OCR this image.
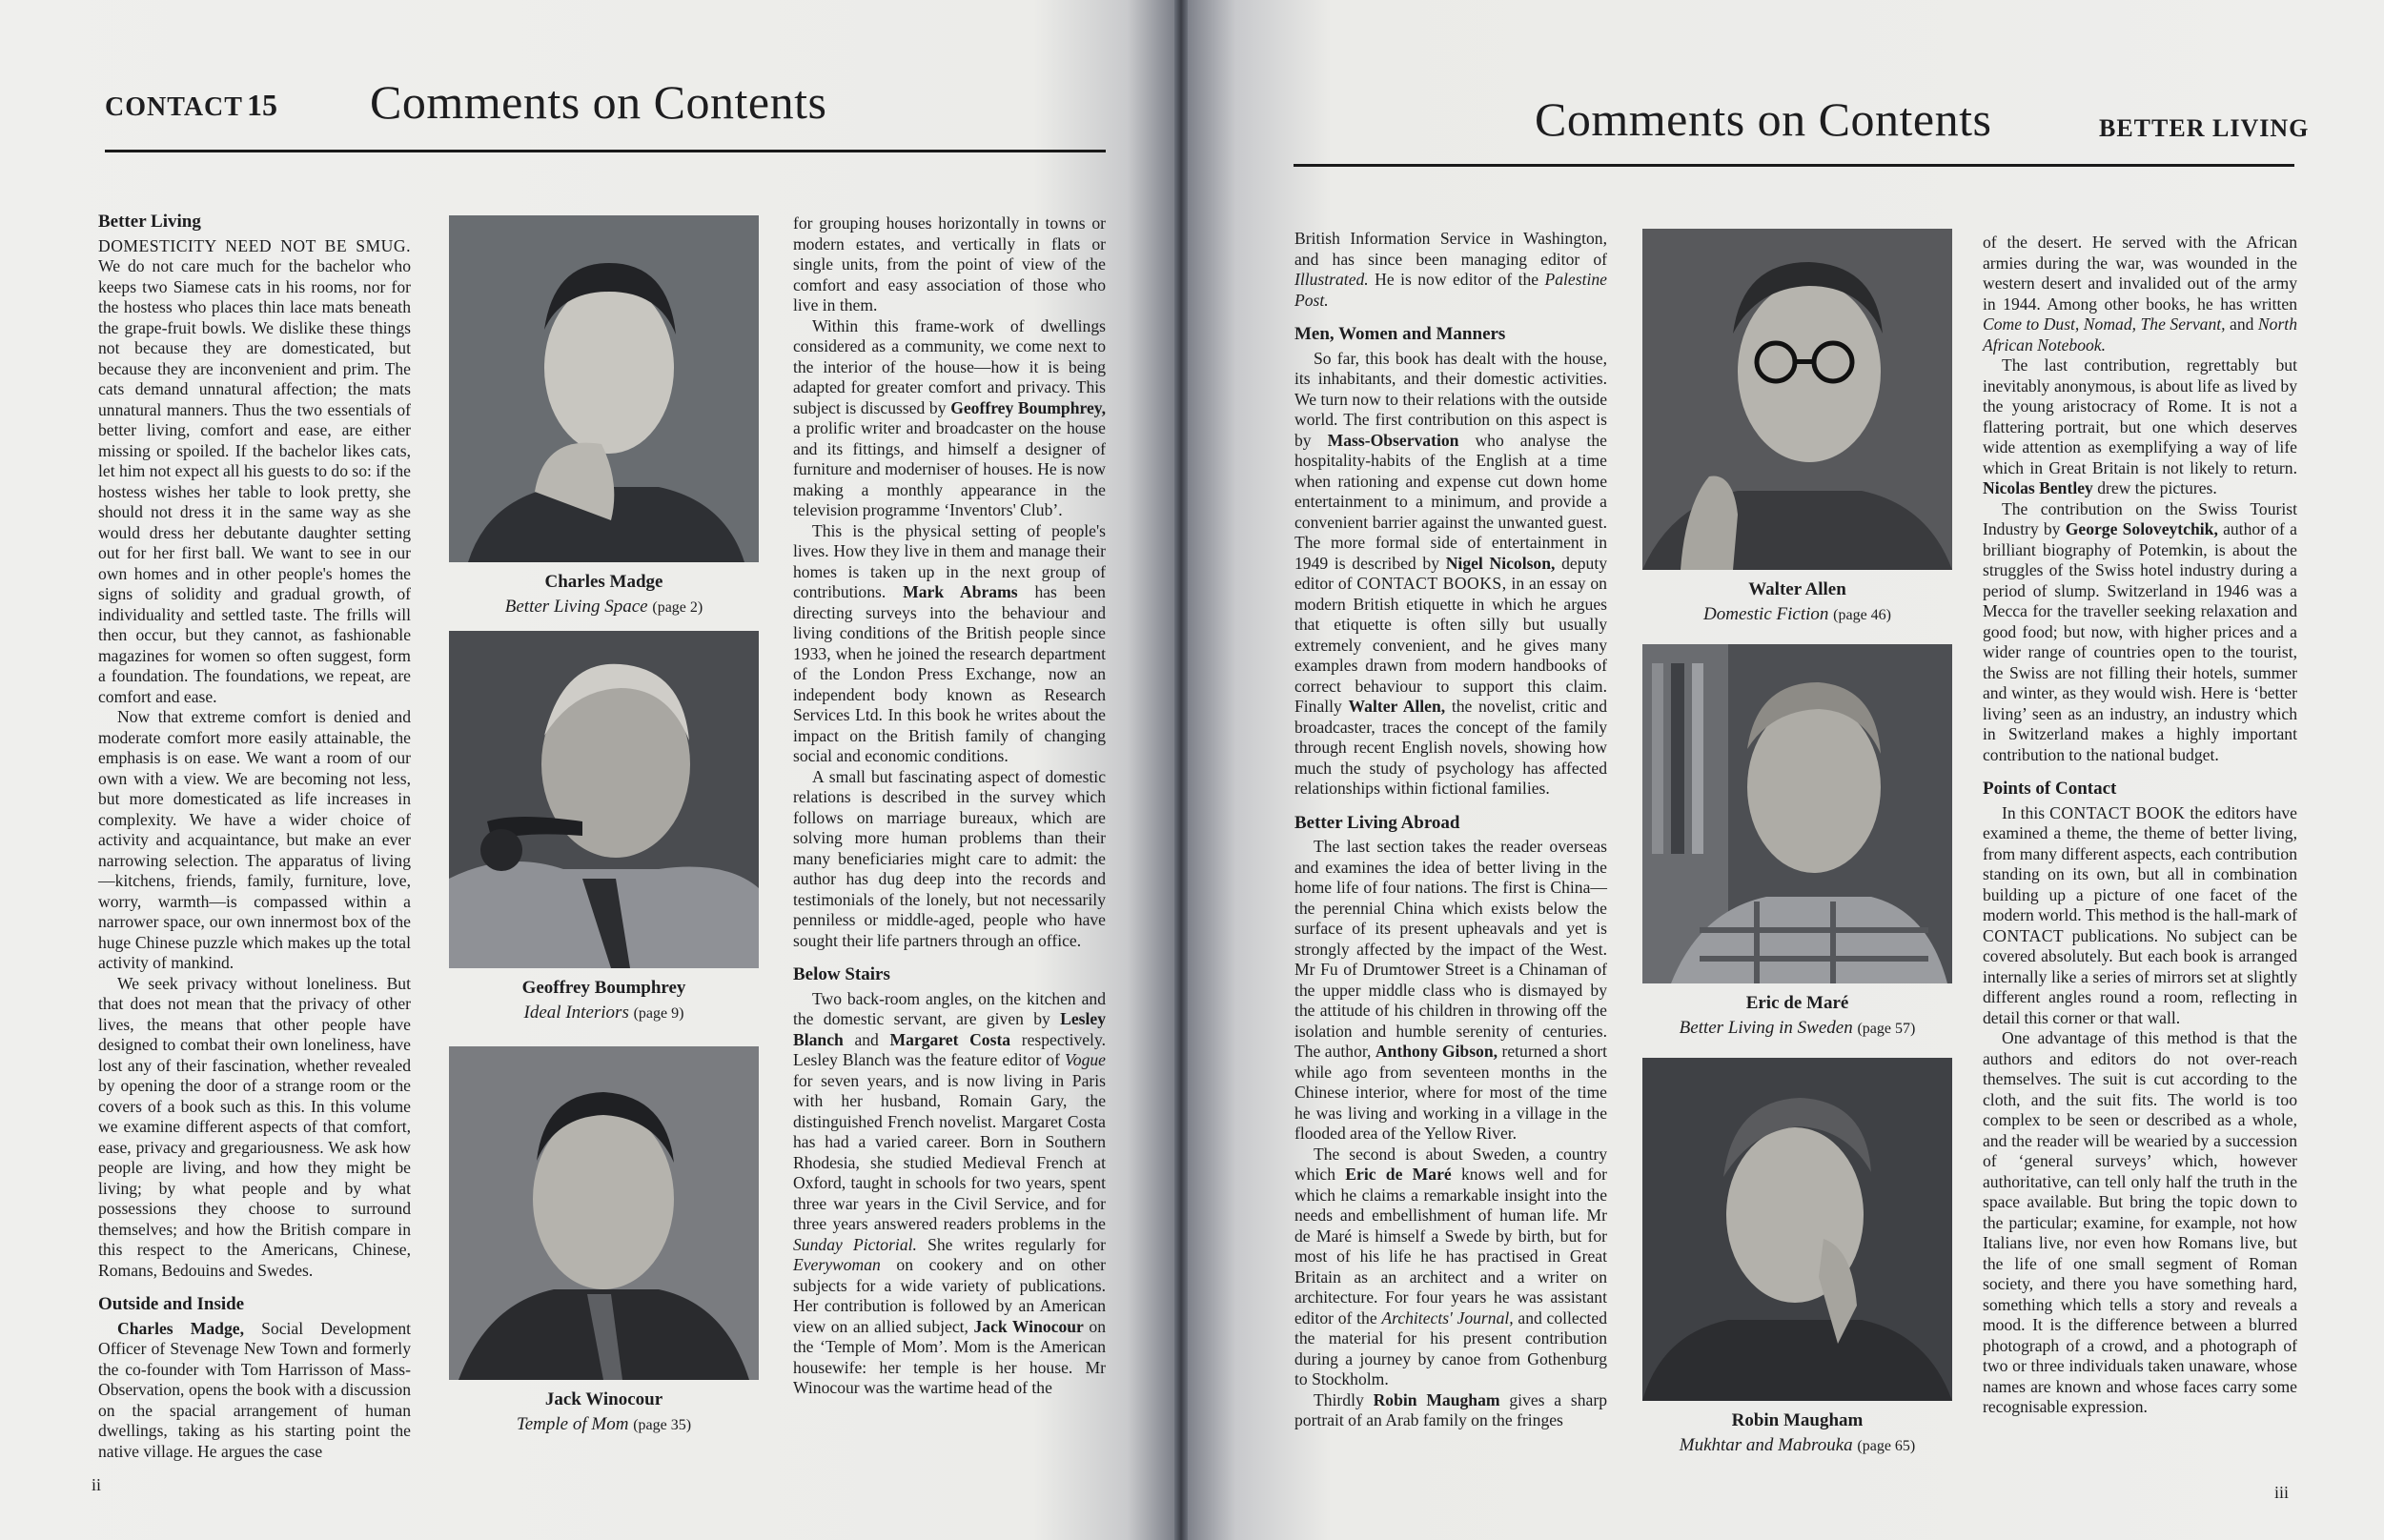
CONTACT 15 Comments on Contents
Better Living

DOMESTICITY NEED NOT BE SMUG. We do not care much for the bachelor who keeps two Siamese cats in his rooms, nor for the hostess who places thin lace mats beneath the grape-fruit bowls. We dislike these things not because they are domesticated, but because they are inconvenient and prim. The cats demand unnatural affection; the mats unnatural manners. Thus the two essentials of better living, comfort and ease, are either missing or spoiled. If the bachelor likes cats, let him not expect all his guests to do so: if the hostess wishes her table to look pretty, she should not dress it in the same way as she would dress her debutante daughter setting out for her first ball. We want to see in our own homes and in other people's homes the signs of solidity and gradual growth, of individuality and settled taste. The frills will then occur, but they cannot, as fashionable magazines for women so often suggest, form a foundation. The foundations, we repeat, are comfort and ease.

Now that extreme comfort is denied and moderate comfort more easily attainable, the emphasis is on ease. We want a room of our own with a view. We are becoming not less, but more domesticated as life increases in complexity. We have a wider choice of activity and acquaintance, but make an ever narrowing selection. The apparatus of living—kitchens, friends, family, furniture, love, worry, warmth—is compassed within a narrower space, our own innermost box of the huge Chinese puzzle which makes up the total activity of mankind.

We seek privacy without loneliness. But that does not mean that the privacy of other lives, the means that other people have designed to combat their own loneliness, have lost any of their fascination, whether revealed by opening the door of a strange room or the covers of a book such as this. In this volume we examine different aspects of that comfort, ease, privacy and gregariousness. We ask how people are living, and how they might be living; by what people and by what possessions they choose to surround themselves; and how the British compare in this respect to the Americans, Chinese, Romans, Bedouins and Swedes.

Outside and Inside

Charles Madge, Social Development Officer of Stevenage New Town and formerly the co-founder with Tom Harrisson of Mass-Observation, opens the book with a discussion on the spacial arrangement of human dwellings, taking as his starting point the native village. He argues the case

Charles Madge
Better Living Space (page 2)
Geoffrey Boumphrey
Ideal Interiors (page 9)
Jack Winocour
Temple of Mom (page 35)

for grouping houses horizontally in towns or modern estates, and vertically in flats or single units, from the point of view of the comfort and easy association of those who live in them.

Within this frame-work of dwellings considered as a community, we come next to the interior of the house—how it is being adapted for greater comfort and privacy. This subject is discussed by Geoffrey Boumphrey, a prolific writer and broadcaster on the house and its fittings, and himself a designer of furniture and moderniser of houses. He is now making a monthly appearance in the television programme ‘Inventors' Club’.

This is the physical setting of people's lives. How they live in them and manage their homes is taken up in the next group of contributions. Mark Abrams has been directing surveys into the behaviour and living conditions of the British people since 1933, when he joined the research department of the London Press Exchange, now an independent body known as Research Services Ltd. In this book he writes about the impact on the British family of changing social and economic conditions.

A small but fascinating aspect of domestic relations is described in the survey which follows on marriage bureaux, which are solving more human problems than their many beneficiaries might care to admit: the author has dug deep into the records and testimonials of the lonely, but not necessarily penniless or middle-aged, people who have sought their life partners through an office.

Below Stairs

Two back-room angles, on the kitchen and the domestic servant, are given by Lesley Blanch and Margaret Costa respectively. Lesley Blanch was the feature editor of Vogue for seven years, and is now living in Paris with her husband, Romain Gary, the distinguished French novelist. Margaret Costa has had a varied career. Born in Southern Rhodesia, she studied Medieval French at Oxford, taught in schools for two years, spent three war years in the Civil Service, and for three years answered readers problems in the Sunday Pictorial. She writes regularly for Everywoman on cookery and on other subjects for a wide variety of publications. Her contribution is followed by an American view on an allied subject, Jack Winocour on the ‘Temple of Mom’. Mom is the American housewife: her temple is her house. Mr Winocour was the wartime head of the

ii
Comments on Contents	BETTER LIVING

British Information Service in Washington, and has since been managing editor of Illustrated. He is now editor of the Palestine Post.

Men, Women and Manners

So far, this book has dealt with the house, its inhabitants, and their domestic activities. We turn now to their relations with the outside world. The first contribution on this aspect is by Mass-Observation who analyse the hospitality-habits of the English at a time when rationing and expense cut down home entertainment to a minimum, and provide a convenient barrier against the unwanted guest. The more formal side of entertainment in 1949 is described by Nigel Nicolson, deputy editor of CONTACT BOOKS, in an essay on modern British etiquette in which he argues that etiquette is often silly but usually extremely convenient, and he gives many examples drawn from modern handbooks of correct behaviour to support this claim. Finally Walter Allen, the novelist, critic and broadcaster, traces the concept of the family through recent English novels, showing how much the study of psychology has affected relationships within fictional families.

Better Living Abroad

The last section takes the reader overseas and examines the idea of better living in the home life of four nations. The first is China—the perennial China which exists below the surface of its present upheavals and yet is strongly affected by the impact of the West. Mr Fu of Drumtower Street is a Chinaman of the upper middle class who is dismayed by the attitude of his children in throwing off the isolation and humble serenity of centuries. The author, Anthony Gibson, returned a short while ago from seventeen months in the Chinese interior, where for most of the time he was living and working in a village in the flooded area of the Yellow River.

The second is about Sweden, a country which Eric de Maré knows well and for which he claims a remarkable insight into the needs and embellishment of human life. Mr de Maré is himself a Swede by birth, but for most of his life he has practised in Great Britain as an architect and a writer on architecture. For four years he was assistant editor of the Architects' Journal, and collected the material for his present contribution during a journey by canoe from Gothenburg to Stockholm.

Thirdly Robin Maugham gives a sharp portrait of an Arab family on the fringes

Walter Allen
Domestic Fiction (page 46)
Eric de Maré
Better Living in Sweden (page 57)
Robin Maugham
Mukhtar and Mabrouka (page 65)

of the desert. He served with the African armies during the war, was wounded in the western desert and invalided out of the army in 1944. Among other books, he has written Come to Dust, Nomad, The Servant, and North African Notebook.

The last contribution, regrettably but inevitably anonymous, is about life as lived by the young aristocracy of Rome. It is not a flattering portrait, but one which deserves wide attention as exemplifying a way of life which in Great Britain is not likely to return. Nicolas Bentley drew the pictures.

The contribution on the Swiss Tourist Industry by George Soloveytchik, author of a brilliant biography of Potemkin, is about the struggles of the Swiss hotel industry during a period of slump. Switzerland in 1946 was a Mecca for the traveller seeking relaxation and good food; but now, with higher prices and a wider range of countries open to the tourist, the Swiss are not filling their hotels, summer and winter, as they would wish. Here is ‘better living’ seen as an industry, an industry which in Switzerland makes a highly important contribution to the national budget.

Points of Contact

In this CONTACT BOOK the editors have examined a theme, the theme of better living, from many different aspects, each contribution standing on its own, but all in combination building up a picture of one facet of the modern world. This method is the hall-mark of CONTACT publications. No subject can be covered absolutely. But each book is arranged internally like a series of mirrors set at slightly different angles round a room, reflecting in detail this corner or that wall.

One advantage of this method is that the authors and editors do not over-reach themselves. The suit is cut according to the cloth, and the suit fits. The world is too complex to be seen or described as a whole, and the reader will be wearied by a succession of ‘general surveys’ which, however authoritative, can tell only half the truth in the space available. But bring the topic down to the particular; examine, for example, not how Italians live, nor even how Romans live, but the life of one small segment of Roman society, and there you have something hard, something which tells a story and reveals a mood. It is the difference between a blurred photograph of a crowd, and a photograph of two or three individuals taken unaware, whose names are known and whose faces carry some recognisable expression.

iii
